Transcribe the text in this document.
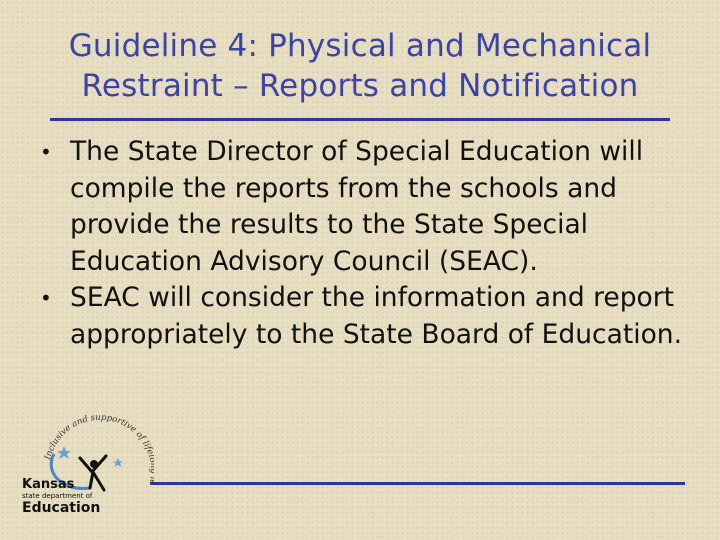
Guideline 4: Physical and Mechanical
Restraint – Reports and Notification
• The State Director of Special Education will compile the reports from the schools and provide the results to the State Special Education Advisory Council (SEAC).
• SEAC will consider the information and report appropriately to the State Board of Education.
Inclusive and supportive of lif
Kansas
state department of
Education
